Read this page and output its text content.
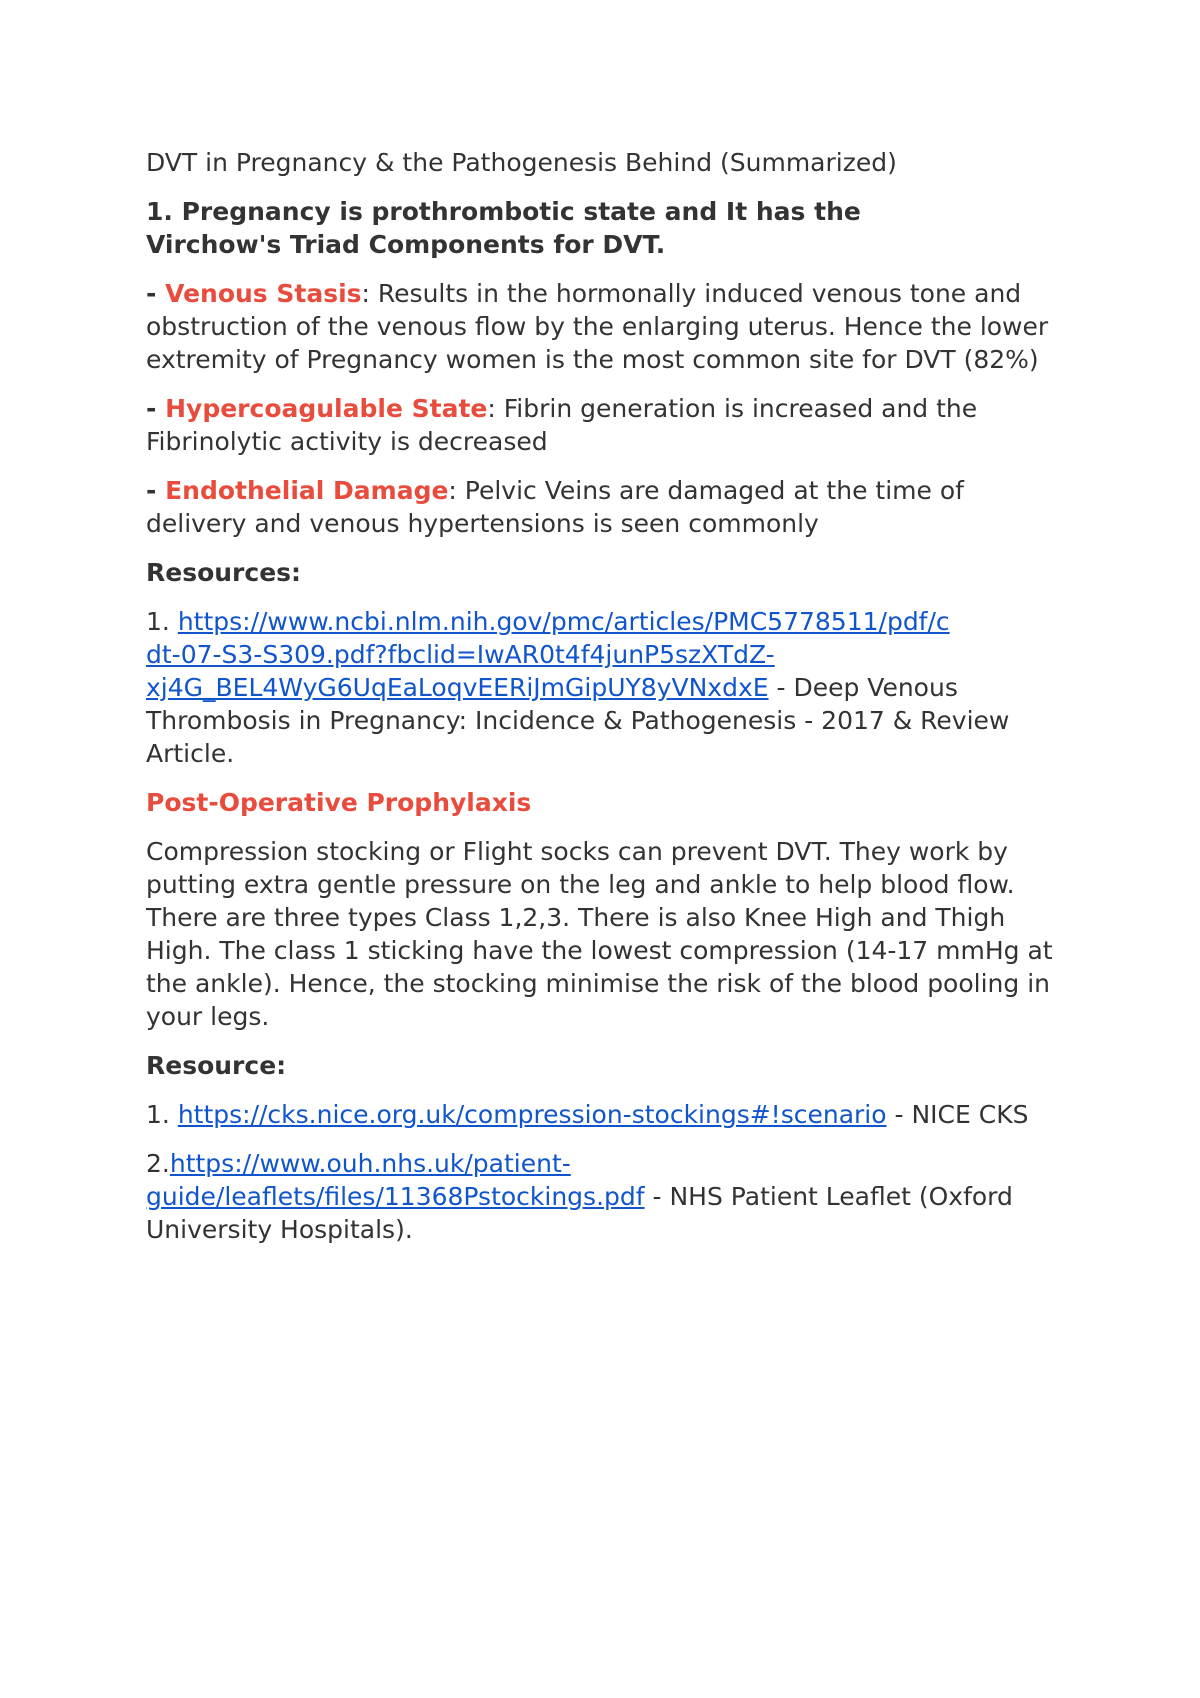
DVT in Pregnancy & the Pathogenesis Behind (Summarized)

1. Pregnancy is prothrombotic state and It has the
Virchow's Triad Components for DVT.

- Venous Stasis: Results in the hormonally induced venous tone and obstruction of the venous flow by the enlarging uterus. Hence the lower extremity of Pregnancy women is the most common site for DVT (82%)

- Hypercoagulable State: Fibrin generation is increased and the Fibrinolytic activity is decreased

- Endothelial Damage: Pelvic Veins are damaged at the time of delivery and venous hypertensions is seen commonly

Resources:

1. https://www.ncbi.nlm.nih.gov/pmc/articles/PMC5778511/pdf/c
dt-07-S3-S309.pdf?fbclid=IwAR0t4f4junP5szXTdZ-
xj4G_BEL4WyG6UqEaLoqvEERiJmGipUY8yVNxdxE - Deep Venous Thrombosis in Pregnancy: Incidence & Pathogenesis - 2017 & Review Article.

Post-Operative Prophylaxis

Compression stocking or Flight socks can prevent DVT. They work by putting extra gentle pressure on the leg and ankle to help blood flow. There are three types Class 1,2,3. There is also Knee High and Thigh High. The class 1 sticking have the lowest compression (14-17 mmHg at the ankle). Hence, the stocking minimise the risk of the blood pooling in your legs.

Resource:

1. https://cks.nice.org.uk/compression-stockings#!scenario - NICE CKS

2.https://www.ouh.nhs.uk/patient-
guide/leaflets/files/11368Pstockings.pdf - NHS Patient Leaflet (Oxford University Hospitals).
